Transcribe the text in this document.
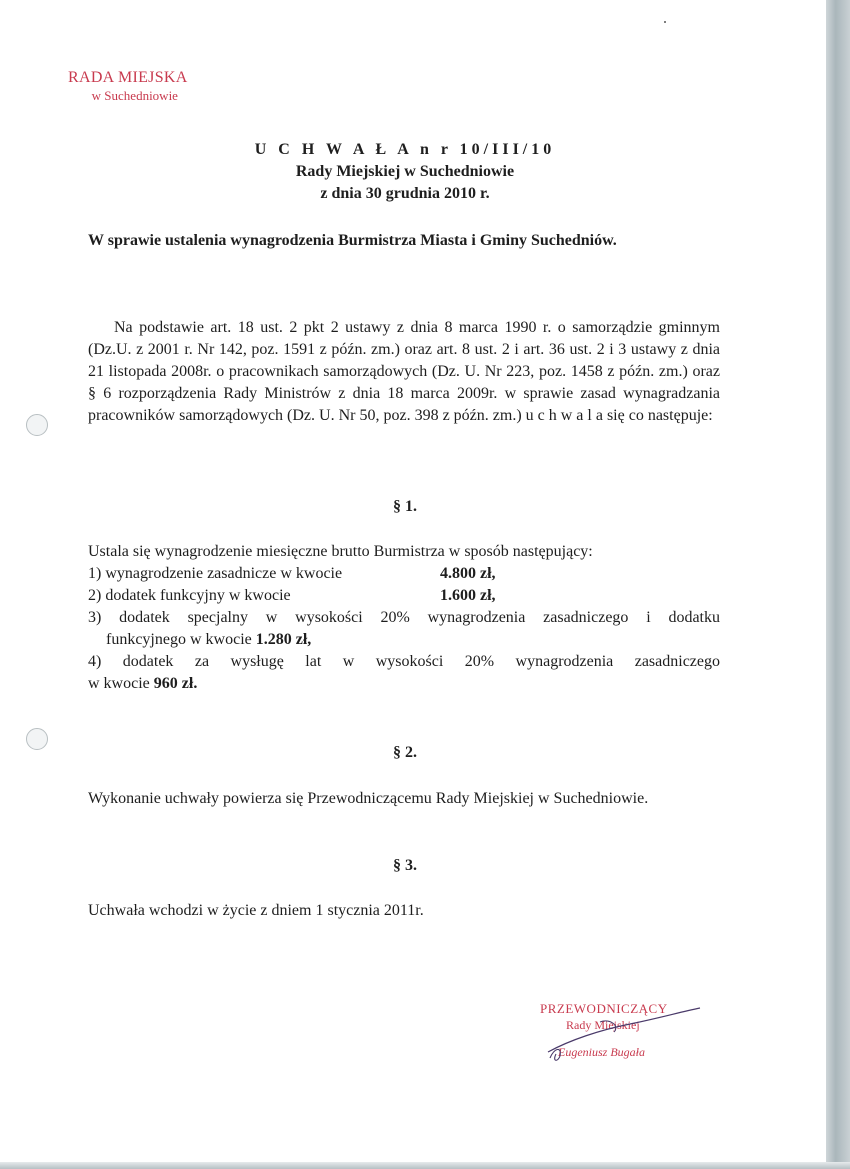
RADA MIEJSKA
w Suchedniowie
U C H W A Ł A n r 10/III/10
Rady Miejskiej w Suchedniowie
z dnia 30 grudnia 2010 r.
W sprawie ustalenia wynagrodzenia Burmistrza Miasta i Gminy Suchedniów.
Na podstawie art. 18 ust. 2 pkt 2 ustawy z dnia 8 marca 1990 r. o samorządzie gminnym (Dz.U. z 2001 r. Nr 142, poz. 1591 z późn. zm.) oraz art. 8 ust. 2 i art. 36 ust. 2 i 3 ustawy z dnia 21 listopada 2008r. o pracownikach samorządowych (Dz. U. Nr 223, poz. 1458 z późn. zm.) oraz § 6 rozporządzenia Rady Ministrów z dnia 18 marca 2009r. w sprawie zasad wynagradzania pracowników samorządowych (Dz. U. Nr 50, poz. 398 z późn. zm.) u c h w a l a się co następuje:
§ 1.
Ustala się wynagrodzenie miesięczne brutto Burmistrza w sposób następujący:
1) wynagrodzenie zasadnicze w kwocie	4.800 zł,
2) dodatek funkcyjny w kwocie	1.600 zł,
3) dodatek specjalny w wysokości 20% wynagrodzenia zasadniczego i dodatku
funkcyjnego w kwocie 1.280 zł,
4) dodatek za wysługę lat w wysokości 20% wynagrodzenia zasadniczego
w kwocie 960 zł.
§ 2.
Wykonanie uchwały powierza się Przewodniczącemu Rady Miejskiej w Suchedniowie.
§ 3.
Uchwała wchodzi w życie z dniem 1 stycznia 2011r.
PRZEWODNICZĄCY
Rady Miejskiej
Eugeniusz Bugała
